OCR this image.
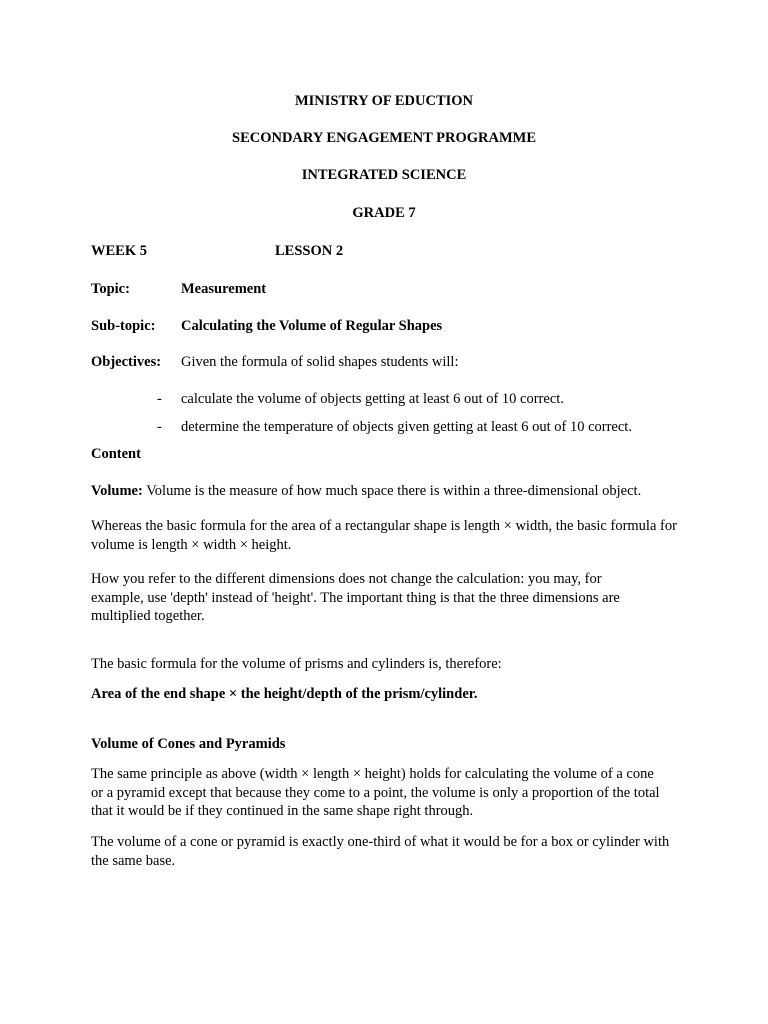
MINISTRY OF EDUCTION
SECONDARY ENGAGEMENT PROGRAMME
INTEGRATED SCIENCE
GRADE 7
WEEK 5	LESSON 2
Topic:	Measurement
Sub-topic: Calculating the Volume of Regular Shapes
Objectives: Given the formula of solid shapes students will:
- calculate the volume of objects getting at least 6 out of 10 correct.
- determine the temperature of objects given getting at least 6 out of 10 correct.
Content
Volume: Volume is the measure of how much space there is within a three-dimensional object.

Whereas the basic formula for the area of a rectangular shape is length × width, the basic formula for volume is length × width × height.

How you refer to the different dimensions does not change the calculation: you may, for example, use 'depth' instead of 'height'. The important thing is that the three dimensions are multiplied together.

The basic formula for the volume of prisms and cylinders is, therefore:

Area of the end shape × the height/depth of the prism/cylinder.

Volume of Cones and Pyramids

The same principle as above (width × length × height) holds for calculating the volume of a cone or a pyramid except that because they come to a point, the volume is only a proportion of the total that it would be if they continued in the same shape right through.

The volume of a cone or pyramid is exactly one-third of what it would be for a box or cylinder with the same base.
